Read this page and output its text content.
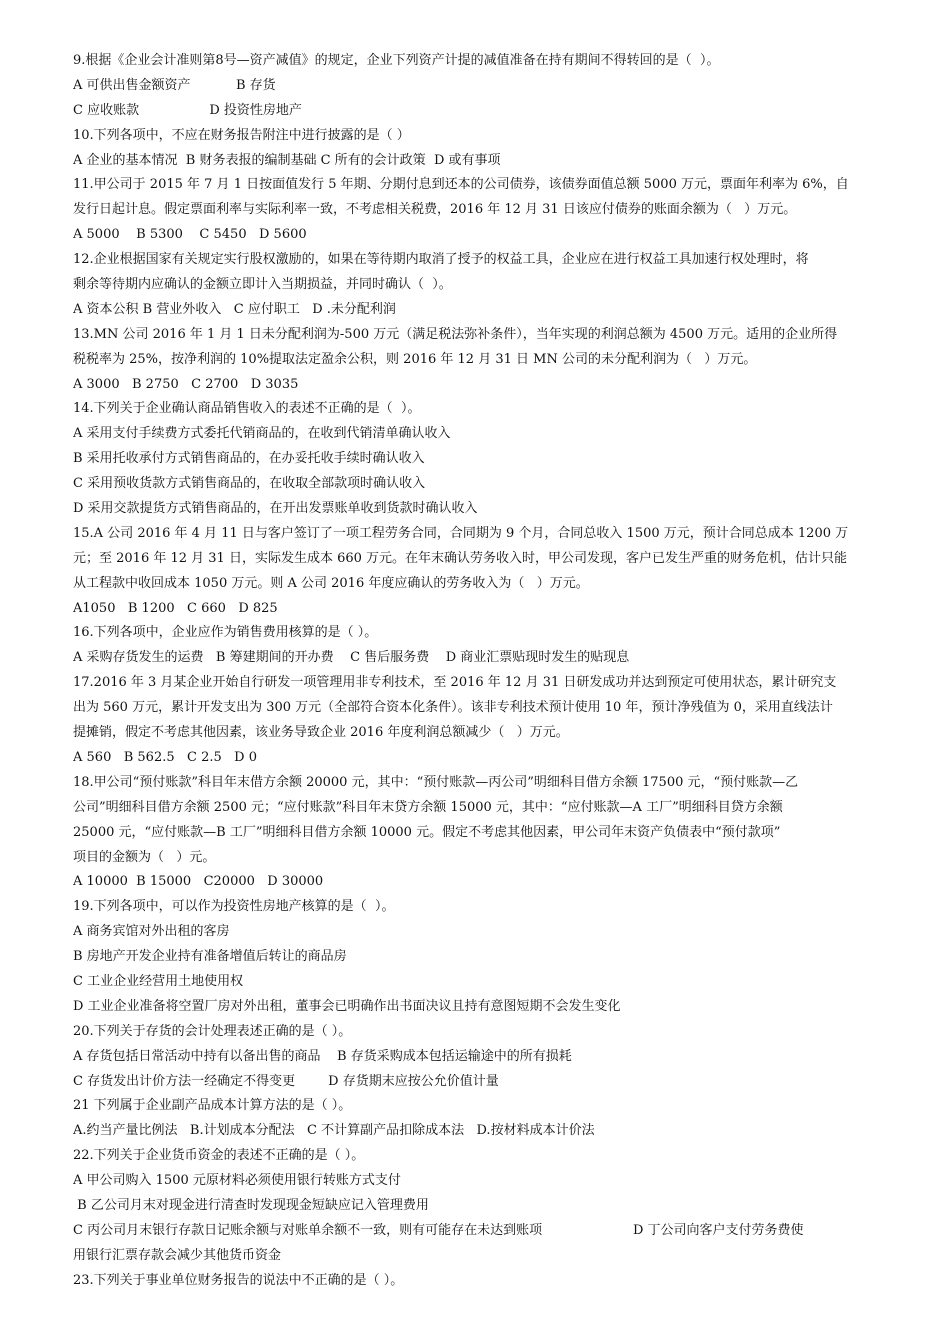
9.根据《企业会计准则第8号—资产减值》的规定，企业下列资产计提的减值准备在持有期间不得转回的是（  ）。
A 可供出售金额资产           B 存货
C 应收账款                 D 投资性房地产
10.下列各项中，不应在财务报告附注中进行披露的是（ ）
A 企业的基本情况  B 财务表报的编制基础 C 所有的会计政策  D 或有事项
11.甲公司于 2015 年 7 月 1 日按面值发行 5 年期、分期付息到还本的公司债券，该债券面值总额 5000 万元，票面年利率为 6%，自
发行日起计息。假定票面利率与实际利率一致，不考虑相关税费，2016 年 12 月 31 日该应付债券的账面余额为（   ）万元。
A 5000    B 5300    C 5450   D 5600
12.企业根据国家有关规定实行股权激励的，如果在等待期内取消了授予的权益工具，企业应在进行权益工具加速行权处理时，将
剩余等待期内应确认的金额立即计入当期损益，并同时确认（  ）。
A 资本公积 B 营业外收入   C 应付职工   D .未分配利润
13.MN 公司 2016 年 1 月 1 日未分配利润为-500 万元（满足税法弥补条件），当年实现的利润总额为 4500 万元。适用的企业所得
税税率为 25%，按净利润的 10%提取法定盈余公积，则 2016 年 12 月 31 日 MN 公司的未分配利润为（   ）万元。
A 3000   B 2750   C 2700   D 3035
14.下列关于企业确认商品销售收入的表述不正确的是（  ）。
A 采用支付手续费方式委托代销商品的，在收到代销清单确认收入
B 采用托收承付方式销售商品的，在办妥托收手续时确认收入
C 采用预收货款方式销售商品的，在收取全部款项时确认收入
D 采用交款提货方式销售商品的，在开出发票账单收到货款时确认收入
15.A 公司 2016 年 4 月 11 日与客户签订了一项工程劳务合同，合同期为 9 个月，合同总收入 1500 万元，预计合同总成本 1200 万
元；至 2016 年 12 月 31 日，实际发生成本 660 万元。在年末确认劳务收入时，甲公司发现，客户已发生严重的财务危机，估计只能
从工程款中收回成本 1050 万元。则 A 公司 2016 年度应确认的劳务收入为（   ）万元。
A1050   B 1200   C 660   D 825
16.下列各项中，企业应作为销售费用核算的是（ ）。
A 采购存货发生的运费   B 筹建期间的开办费    C 售后服务费    D 商业汇票贴现时发生的贴现息
17.2016 年 3 月某企业开始自行研发一项管理用非专利技术，至 2016 年 12 月 31 日研发成功并达到预定可使用状态，累计研究支
出为 560 万元，累计开发支出为 300 万元（全部符合资本化条件）。该非专利技术预计使用 10 年，预计净残值为 0，采用直线法计
提摊销，假定不考虑其他因素，该业务导致企业 2016 年度利润总额减少（   ）万元。
A 560   B 562.5   C 2.5   D 0
18.甲公司“预付账款”科目年末借方余额 20000 元，其中：“预付账款—丙公司”明细科目借方余额 17500 元，“预付账款—乙
公司”明细科目借方余额 2500 元；“应付账款”科目年末贷方余额 15000 元，其中：“应付账款—A 工厂”明细科目贷方余额
25000 元，“应付账款—B 工厂”明细科目借方余额 10000 元。假定不考虑其他因素，甲公司年末资产负债表中“预付款项”
项目的金额为（   ）元。
A 10000  B 15000   C20000   D 30000
19.下列各项中，可以作为投资性房地产核算的是（  ）。
A 商务宾馆对外出租的客房
B 房地产开发企业持有准备增值后转让的商品房
C 工业企业经营用土地使用权
D 工业企业准备将空置厂房对外出租，董事会已明确作出书面决议且持有意图短期不会发生变化
20.下列关于存货的会计处理表述正确的是（ ）。
A 存货包括日常活动中持有以备出售的商品    B 存货采购成本包括运输途中的所有损耗
C 存货发出计价方法一经确定不得变更        D 存货期末应按公允价值计量
21 下列属于企业副产品成本计算方法的是（ ）。
A.约当产量比例法   B.计划成本分配法   C 不计算副产品扣除成本法   D.按材料成本计价法
22.下列关于企业货币资金的表述不正确的是（ ）。
A 甲公司购入 1500 元原材料必须使用银行转账方式支付
B 乙公司月末对现金进行清查时发现现金短缺应记入管理费用
C 丙公司月末银行存款日记账余额与对账单余额不一致，则有可能存在未达到账项                      D 丁公司向客户支付劳务费使
用银行汇票存款会减少其他货币资金
23.下列关于事业单位财务报告的说法中不正确的是（ ）。
